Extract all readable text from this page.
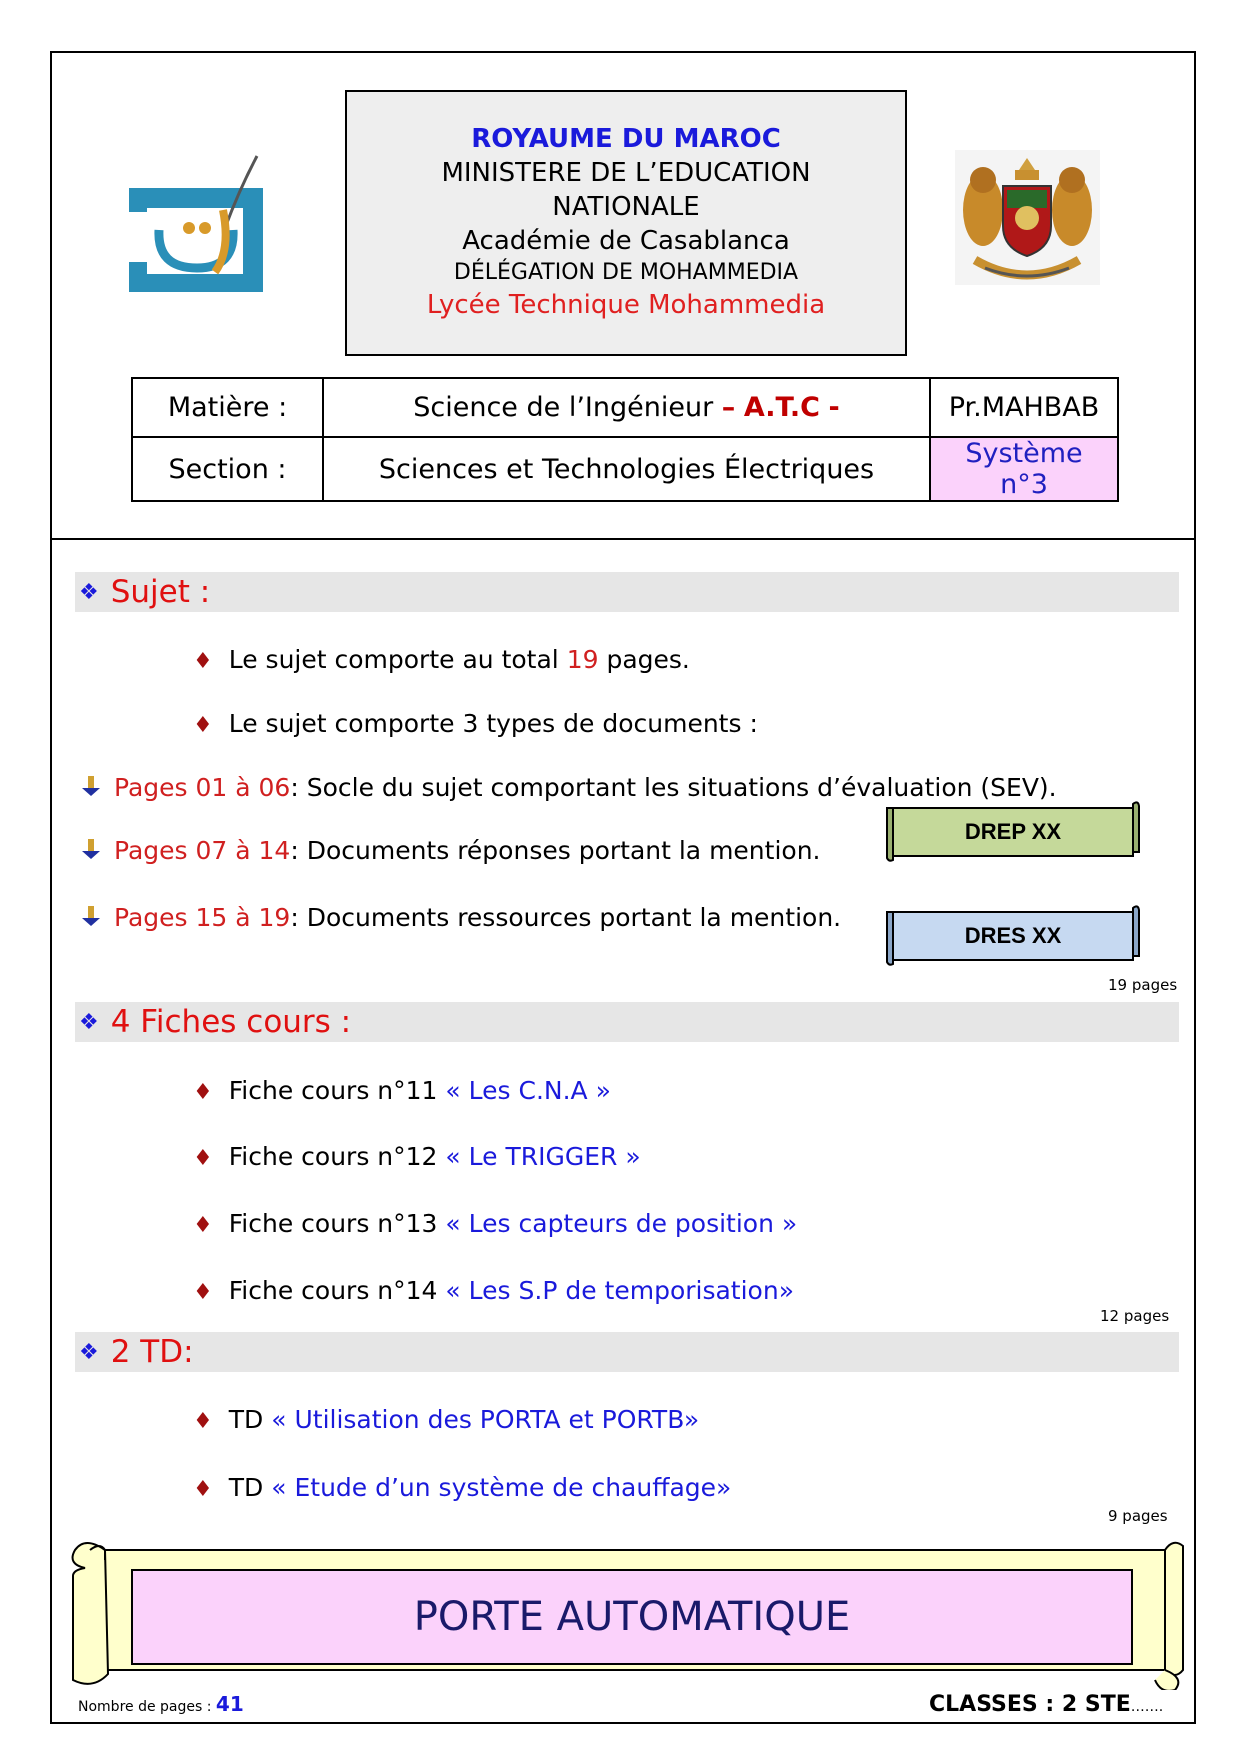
ROYAUME DU MAROC
MINISTERE DE L’EDUCATION
NATIONALE
Académie de Casablanca
DÉLÉGATION DE MOHAMMEDIA
Lycée Technique Mohammedia
Matière :	Science de l’Ingénieur – A.T.C -	Pr.MAHBAB
Section :	Sciences et Technologies Électriques	Système n°3
❖ Sujet :
♦ Le sujet comporte au total 19 pages.
♦ Le sujet comporte 3 types de documents :
Pages 01 à 06: Socle du sujet comportant les situations d’évaluation (SEV).
Pages 07 à 14: Documents réponses portant la mention.
Pages 15 à 19: Documents ressources portant la mention.
DREP XX
DRES XX
19 pages
❖ 4 Fiches cours :
♦ Fiche cours n°11 « Les C.N.A »
♦ Fiche cours n°12 « Le TRIGGER »
♦ Fiche cours n°13 « Les capteurs de position »
♦ Fiche cours n°14 « Les S.P de temporisation»
12 pages
❖ 2 TD:
♦ TD « Utilisation des PORTA et PORTB»
♦ TD « Etude d’un système de chauffage»
9 pages
PORTE AUTOMATIQUE
Nombre de pages : 41	CLASSES : 2 STE…….
